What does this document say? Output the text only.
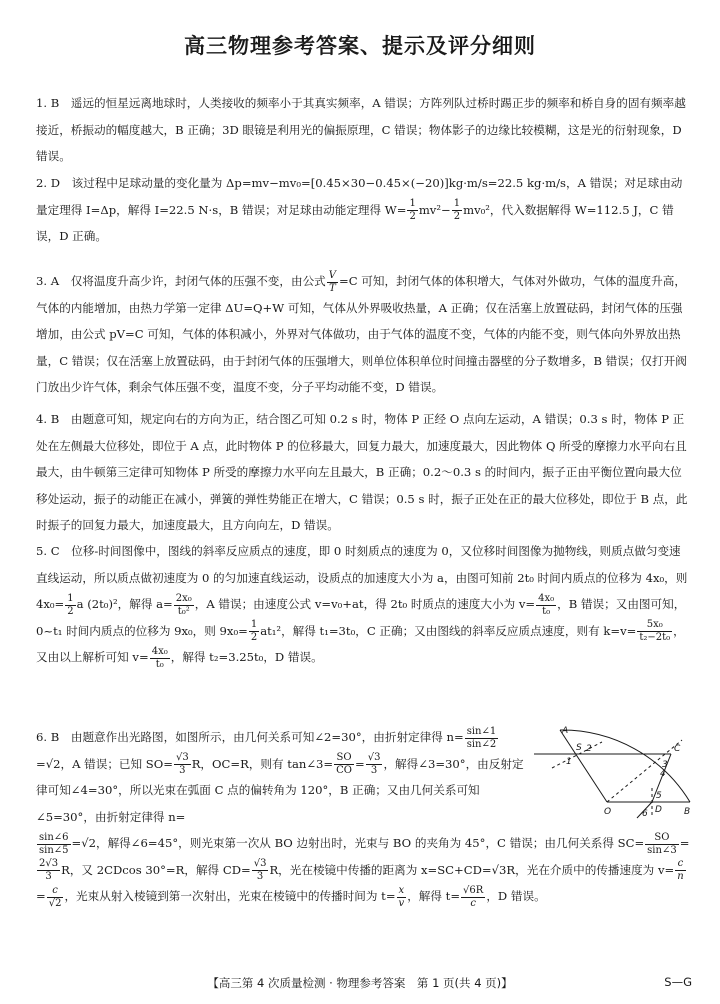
高三物理参考答案、提示及评分细则

1. B　遥远的恒星远离地球时，人类接收的频率小于其真实频率，A 错误；方阵列队过桥时踢正步的频率和桥自身的固有频率越接近，桥振动的幅度越大，B 正确；3D 眼镜是利用光的偏振原理，C 错误；物体影子的边缘比较模糊，这是光的衍射现象，D 错误。

2. D　该过程中足球动量的变化量为 Δp=mv−mv₀=[0.45×30−0.45×(−20)]kg·m/s=22.5 kg·m/s，A 错误；对足球由动量定理得 I=Δp，解得 I=22.5 N·s，B 错误；对足球由动能定理得 $W= \frac{1}{2} mv^2- \frac{1}{2} mv_0^2$，代入数据解得 W=112.5 J，C 错误，D 正确。

3. A　仅将温度升高少许，封闭气体的压强不变，由公式 $\frac{V}{T} =C$ 可知，封闭气体的体积增大，气体对外做功，气体的温度升高，气体的内能增加，由热力学第一定律 ΔU=Q+W 可知，气体从外界吸收热量，A 正确；仅在活塞上放置砝码，封闭气体的压强增加，由公式 pV=C 可知，气体的体积减小，外界对气体做功，由于气体的温度不变，气体的内能不变，则气体向外界放出热量，C 错误；仅在活塞上放置砝码，由于封闭气体的压强增大，则单位体积单位时间撞击器壁的分子数增多，B 错误；仅打开阀门放出少许气体，剩余气体压强不变，温度不变，分子平均动能不变，D 错误。

4. B　由题意可知，规定向右的方向为正，结合图乙可知 0.2 s 时，物体 P 正经 O 点向左运动，A 错误；0.3 s 时，物体 P 正处在左侧最大位移处，即位于 A 点，此时物体 P 的位移最大，回复力最大，加速度最大，因此物体 Q 所受的摩擦力水平向右且最大，由牛顿第三定律可知物体 P 所受的摩擦力水平向左且最大，B 正确；0.2～0.3 s 的时间内，振子正由平衡位置向最大位移处运动，振子的动能正在减小，弹簧的弹性势能正在增大，C 错误；0.5 s 时，振子正处在正的最大位移处，即位于 B 点，此时振子的回复力最大，加速度最大，且方向向左，D 错误。

5. C　位移-时间图像中，图线的斜率反应质点的速度，即 0 时刻质点的速度为 0，又位移时间图像为抛物线，则质点做匀变速直线运动，所以质点做初速度为 0 的匀加速直线运动，设质点的加速度大小为 a，由图可知前 2t₀ 时间内质点的位移为 4x₀，则 $4x_0= \frac{1}{2}$ a (2t₀)²，解得 $a= \frac{\text{2x₀}}{\text{t₀²}}$ ，A 错误；由速度公式 v=v₀+at，得 2t₀ 时质点的速度大小为 $v= \frac{\text{4x₀}}{\text{t₀}}$ ，B 错误；又由图可知，0~t₁ 时间内质点的位移为 9x₀，则 $9x_0= \frac{1}{2} at_1^2$，解得 t₁=3t₀，C 正确；又由图线的斜率反应质点速度，则有 $k=v= \frac{\text{5x₀}}{\text{t₂−2t₀}}$ ，又由以上解析可知 $v= \frac{\text{4x₀}}{\text{t₀}}$ ，解得 t₂=3.25t₀，D 错误。

6. B　由题意作出光路图，如图所示，由几何关系可知∠2=30°，由折射定律得 $n= \frac{\sin\angle 1}{\sin\angle 2}$
=√2，A 错误；已知 $SO= \frac{√3}{3}$ R，OC=R，则有 tan∠3= $\frac{SO}{CO} = \frac{√3}{3}$ ，解得∠3=30°，由反射定律可知∠4=30°，所以光束在弧面 C 点的偏转角为 120°，B 正确；又由几何关系可知∠5=30°，由折射定律得 n=

$\frac{\sin\angle 6}{\sin\angle 5} =√2$，解得∠6=45°，则光束第一次从 BO 边射出时，光束与 BO 的夹角为 45°，C 错误；由几何关系得 $SC= \frac{SO}{\sin\angle 3}$ =
$\frac{2√3}{3}$ R，又 2CDcos 30°=R，解得 $CD= \frac{√3}{3}$ R，光在棱镜中传播的距离为 x=SC+CD=√3R，光在介质中的传播速度为 $v= \frac{c}{n}$
= $\frac{c}{√2}$ ，光束从射入棱镜到第一次射出，光束在棱镜中的传播时间为 $t= \frac{x}{v}$ ，解得 $t= \frac{√6R}{c}$ ，D 错误。

A
S
1
2	C
3
4
5
O	D
6	B
【高三第 4 次质量检测 · 物理参考答案　第 1 页(共 4 页)】	S—G
